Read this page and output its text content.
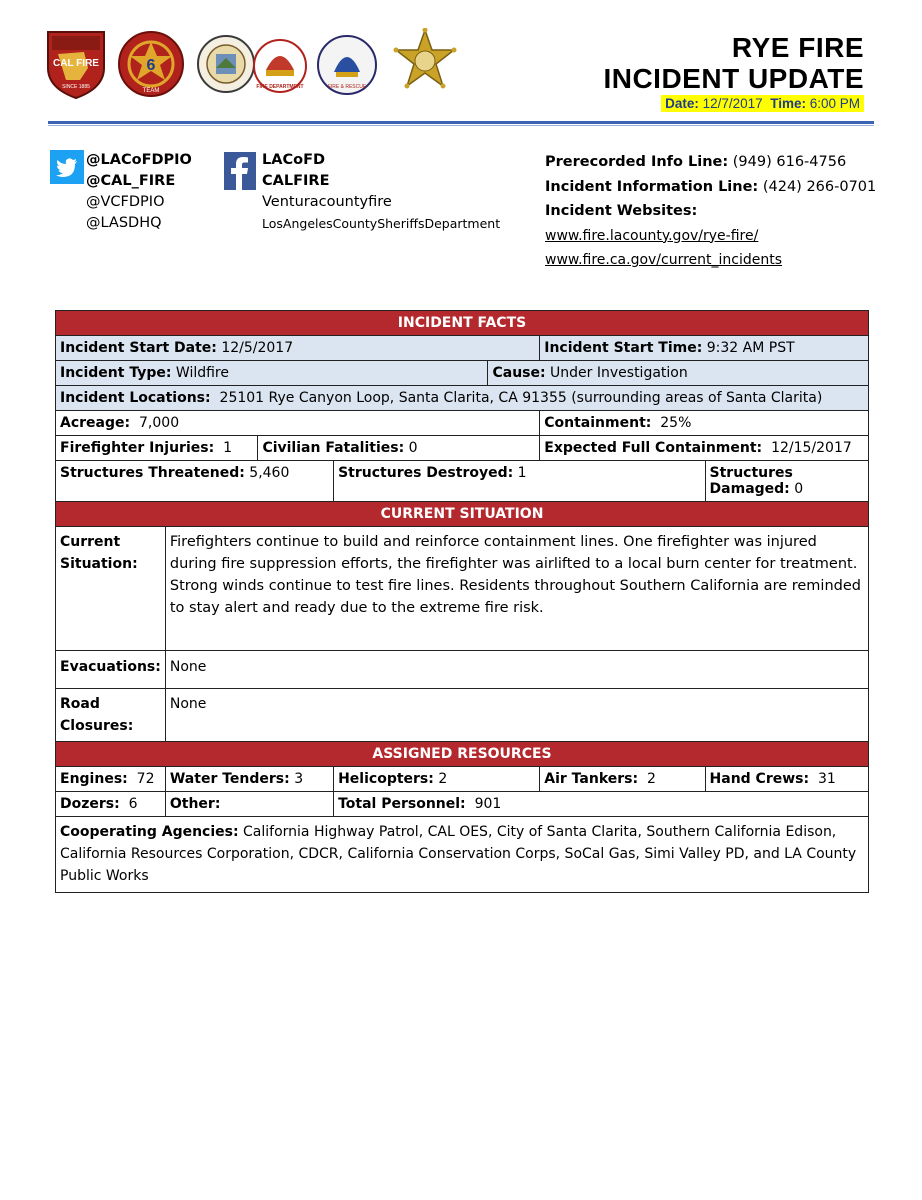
CAL FIRE
SINCE 1885
6
TEAM
FIRE DEPARTMENT	FIRE & RESCUE
RYE FIRE
INCIDENT UPDATE
Date: 12/7/2017 Time: 6:00 PM
@LACoFDPIO
@CAL_FIRE
@VCFDPIO
@LASDHQ
LACoFD
CALFIRE
Venturacountyfire
LosAngelesCountySheriffsDepartment
Prerecorded Info Line: (949) 616-4756
Incident Information Line: (424) 266-0701
Incident Websites:
www.fire.lacounty.gov/rye-fire/
www.fire.ca.gov/current_incidents
INCIDENT FACTS						
Incident Start Date: 12/5/2017					Incident Start Time: 9:32 AM PST	
Incident Type: Wildfire				Cause: Under Investigation		
Incident Locations: 25101 Rye Canyon Loop, Santa Clarita, CA 91355 (surrounding areas of Santa Clarita)						
Acreage: 7,000					Containment: 25%	
Firefighter Injuries: 1		Civilian Fatalities: 0			Expected Full Containment: 12/15/2017	
Structures Threatened: 5,460			Structures Destroyed: 1			Structures Damaged: 0
CURRENT SITUATION						
Current
Situation:	Firefighters continue to build and reinforce containment lines. One firefighter was injured during fire suppression efforts, the firefighter was airlifted to a local burn center for treatment. Strong winds continue to test fire lines. Residents throughout Southern California are reminded to stay alert and ready due to the extreme fire risk.					
Evacuations:	None					
Road
Closures:	None					
ASSIGNED RESOURCES						
Engines: 72	Water Tenders: 3		Helicopters: 2		Air Tankers: 2	Hand Crews: 31
Dozers: 6	Other:		Total Personnel: 901			
Cooperating Agencies: California Highway Patrol, CAL OES, City of Santa Clarita, Southern California Edison, California Resources Corporation, CDCR, California Conservation Corps, SoCal Gas, Simi Valley PD, and LA County Public Works						
